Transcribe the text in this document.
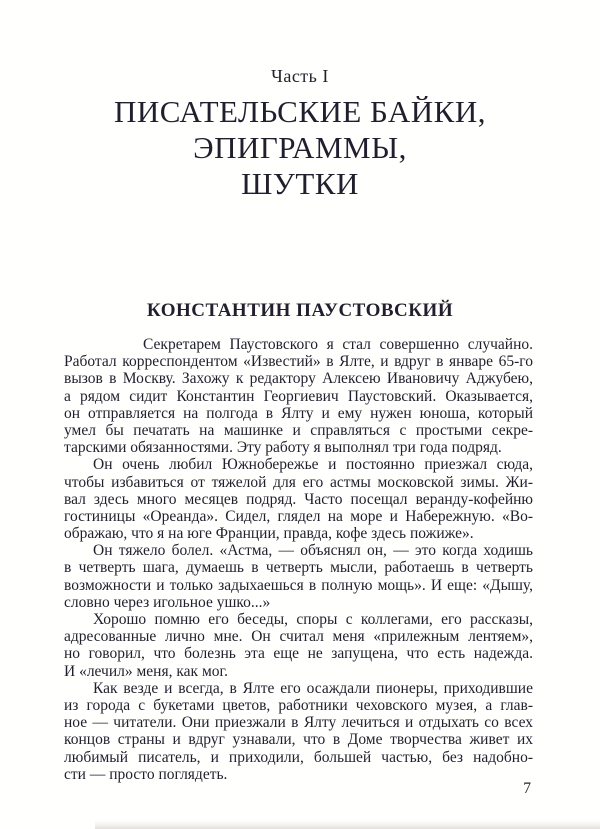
Часть I
ПИСАТЕЛЬСКИЕ БАЙКИ,
ЭПИГРАММЫ,
ШУТКИ
КОНСТАНТИН ПАУСТОВСКИЙ
Секретарем Паустовского я стал совершенно случайно.
Работал корреспондентом «Известий» в Ялте, и вдруг в январе 65-го
вызов в Москву. Захожу к редактору Алексею Ивановичу Аджубею,
а рядом сидит Константин Георгиевич Паустовский. Оказывается,
он отправляется на полгода в Ялту и ему нужен юноша, который
умел бы печатать на машинке и справляться с простыми секре-
тарскими обязанностями. Эту работу я выполнял три года подряд.
Он очень любил Южнобережье и постоянно приезжал сюда,
чтобы избавиться от тяжелой для его астмы московской зимы. Жи-
вал здесь много месяцев подряд. Часто посещал веранду-кофейню
гостиницы «Ореанда». Сидел, глядел на море и Набережную. «Во-
ображаю, что я на юге Франции, правда, кофе здесь пожиже».
Он тяжело болел. «Астма, — объяснял он, — это когда ходишь
в четверть шага, думаешь в четверть мысли, работаешь в четверть
возможности и только задыхаешься в полную мощь». И еще: «Дышу,
словно через игольное ушко...»
Хорошо помню его беседы, споры с коллегами, его рассказы,
адресованные лично мне. Он считал меня «прилежным лентяем»,
но говорил, что болезнь эта еще не запущена, что есть надежда.
И «лечил» меня, как мог.
Как везде и всегда, в Ялте его осаждали пионеры, приходившие
из города с букетами цветов, работники чеховского музея, а глав-
ное — читатели. Они приезжали в Ялту лечиться и отдыхать со всех
концов страны и вдруг узнавали, что в Доме творчества живет их
любимый писатель, и приходили, большей частью, без надобно-
сти — просто поглядеть.
7
